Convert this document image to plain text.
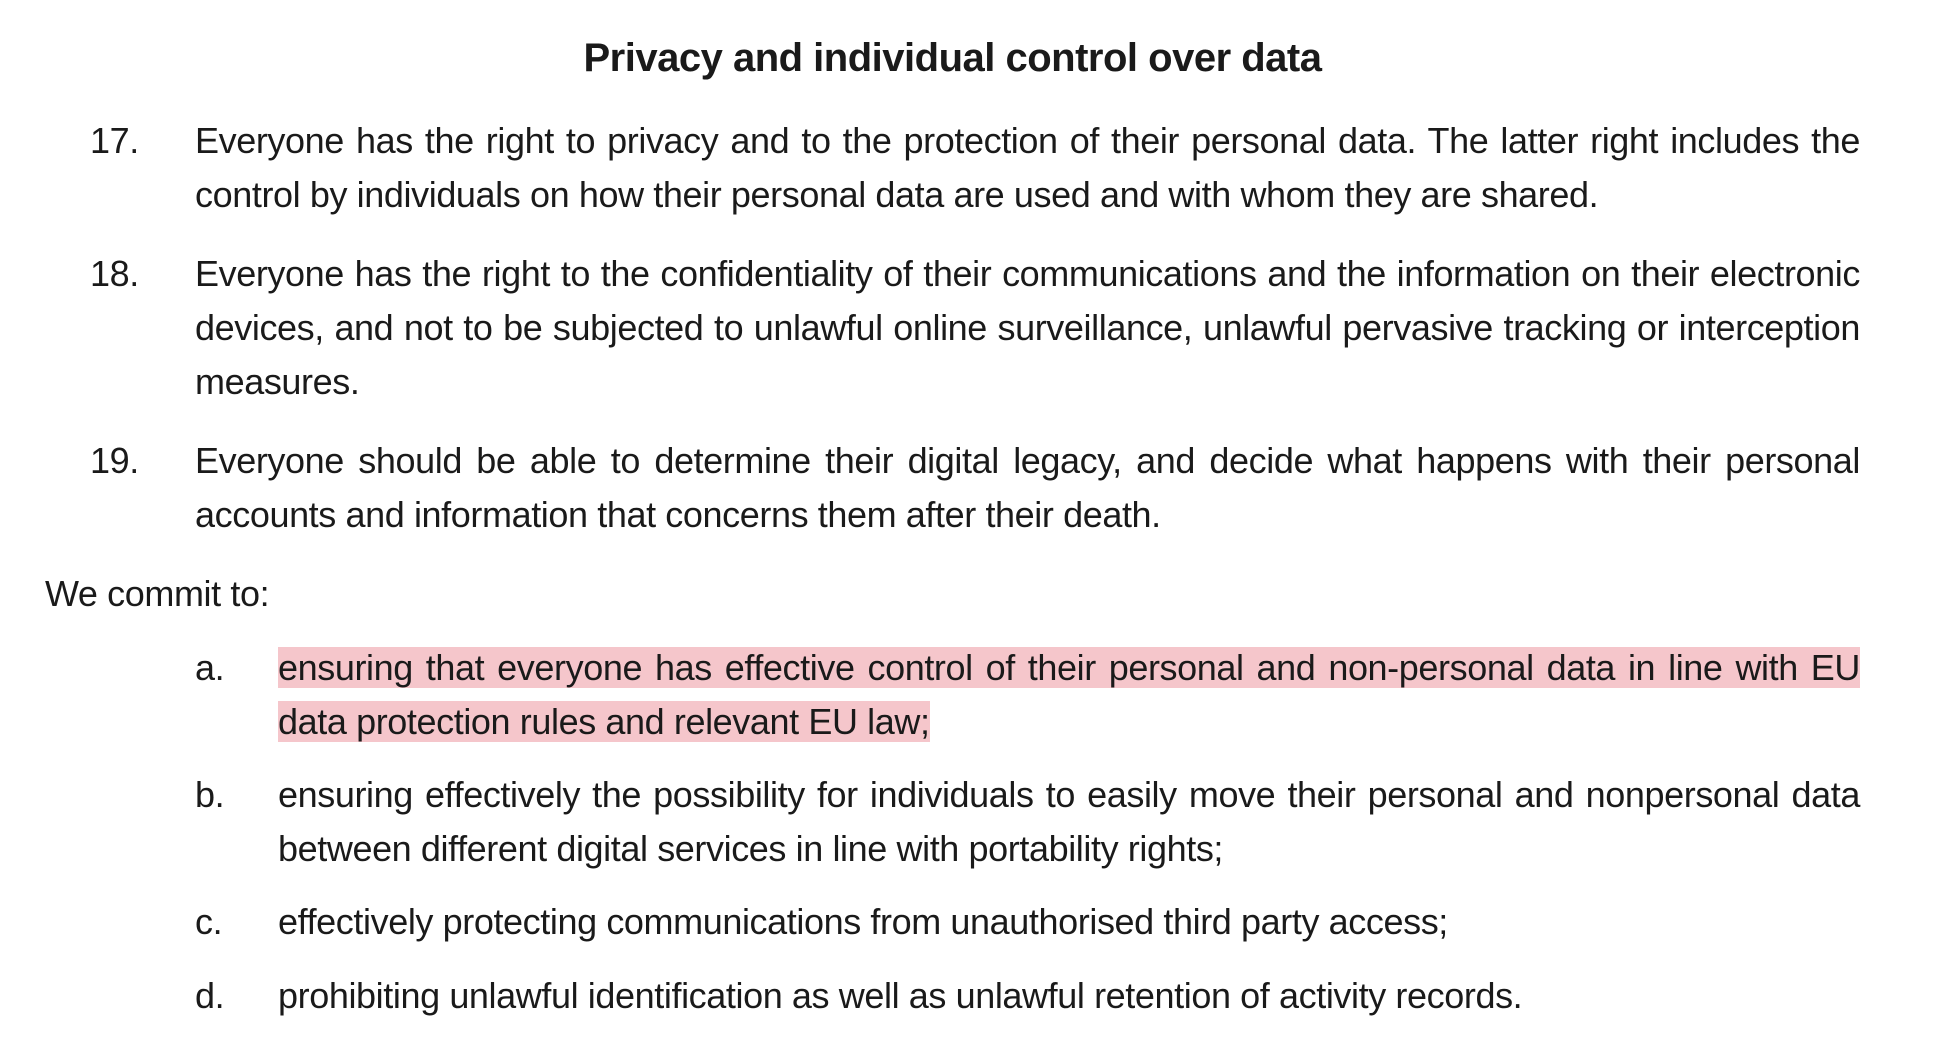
Privacy and individual control over data
17.	Everyone has the right to privacy and to the protection of their personal data. The latter right includes the control by individuals on how their personal data are used and with whom they are shared.
18.	Everyone has the right to the confidentiality of their communications and the information on their electronic devices, and not to be subjected to unlawful online surveillance, unlawful pervasive tracking or interception measures.
19.	Everyone should be able to determine their digital legacy, and decide what happens with their personal accounts and information that concerns them after their death.
We commit to:
a.	ensuring that everyone has effective control of their personal and non-personal data in line with EU data protection rules and relevant EU law;
b.	ensuring effectively the possibility for individuals to easily move their personal and nonpersonal data between different digital services in line with portability rights;
c.	effectively protecting communications from unauthorised third party access;
d.	prohibiting unlawful identification as well as unlawful retention of activity records.
